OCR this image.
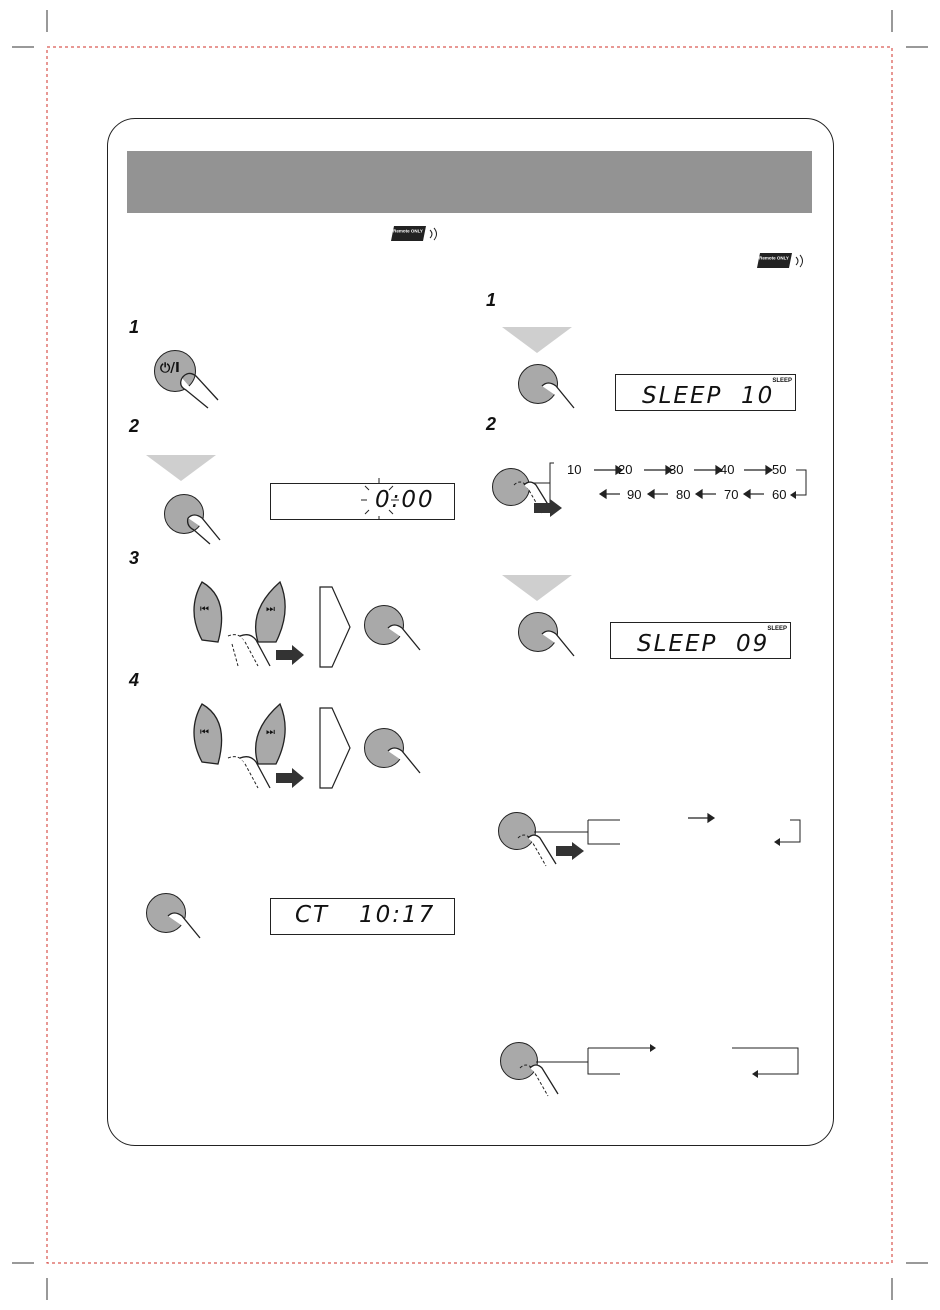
Remote ONLY
Remote ONLY
1
2
3
4
⏻/I
0:00
⏮	⏭
⏮	⏭
CT 10:17
1
2
SLEEP
SLEEP  10
10	20	30	40	50
90	80	70	60
SLEEP
SLEEP  09
